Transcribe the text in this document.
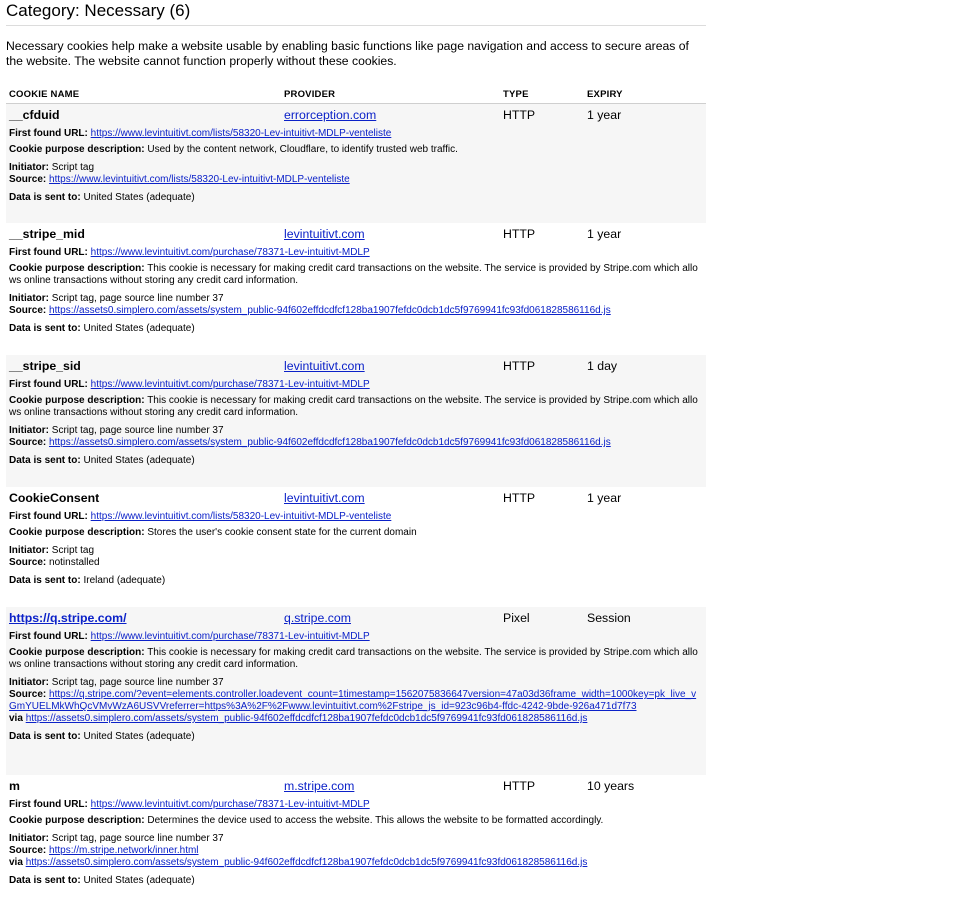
Category: Necessary (6)
Necessary cookies help make a website usable by enabling basic functions like page navigation and access to secure areas of the website. The website cannot function properly without these cookies.
COOKIE NAME	PROVIDER	TYPE	EXPIRY
__cfduid	errorception.com	HTTP	1 year
First found URL: https://www.levintuitivt.com/lists/58320-Lev-intuitivt-MDLP-venteliste
Cookie purpose description: Used by the content network, Cloudflare, to identify trusted web traffic.
Initiator: Script tag
Source: https://www.levintuitivt.com/lists/58320-Lev-intuitivt-MDLP-venteliste
Data is sent to: United States (adequate)
__stripe_mid	levintuitivt.com	HTTP	1 year
First found URL: https://www.levintuitivt.com/purchase/78371-Lev-intuitivt-MDLP
Cookie purpose description: This cookie is necessary for making credit card transactions on the website. The service is provided by Stripe.com which allows online transactions without storing any credit card information.
Initiator: Script tag, page source line number 37
Source: https://assets0.simplero.com/assets/system_public-94f602effdcdfcf128ba1907fefdc0dcb1dc5f9769941fc93fd061828586116d.js
Data is sent to: United States (adequate)
__stripe_sid	levintuitivt.com	HTTP	1 day
First found URL: https://www.levintuitivt.com/purchase/78371-Lev-intuitivt-MDLP
Cookie purpose description: This cookie is necessary for making credit card transactions on the website. The service is provided by Stripe.com which allows online transactions without storing any credit card information.
Initiator: Script tag, page source line number 37
Source: https://assets0.simplero.com/assets/system_public-94f602effdcdfcf128ba1907fefdc0dcb1dc5f9769941fc93fd061828586116d.js
Data is sent to: United States (adequate)
CookieConsent	levintuitivt.com	HTTP	1 year
First found URL: https://www.levintuitivt.com/lists/58320-Lev-intuitivt-MDLP-venteliste
Cookie purpose description: Stores the user's cookie consent state for the current domain
Initiator: Script tag
Source: notinstalled
Data is sent to: Ireland (adequate)
https://q.stripe.com/	q.stripe.com	Pixel	Session
First found URL: https://www.levintuitivt.com/purchase/78371-Lev-intuitivt-MDLP
Cookie purpose description: This cookie is necessary for making credit card transactions on the website. The service is provided by Stripe.com which allows online transactions without storing any credit card information.
Initiator: Script tag, page source line number 37
Source: https://q.stripe.com/?event=elements.controller.loadevent_count=1timestamp=1562075836647version=47a03d36frame_width=1000key=pk_live_vGmYUELMkWhQcVMvWzA6USVVreferrer=https%3A%2F%2Fwww.levintuitivt.com%2Fstripe_js_id=923c96b4-ffdc-4242-9bde-926a471d7f73
via https://assets0.simplero.com/assets/system_public-94f602effdcdfcf128ba1907fefdc0dcb1dc5f9769941fc93fd061828586116d.js
Data is sent to: United States (adequate)
m	m.stripe.com	HTTP	10 years
First found URL: https://www.levintuitivt.com/purchase/78371-Lev-intuitivt-MDLP
Cookie purpose description: Determines the device used to access the website. This allows the website to be formatted accordingly.
Initiator: Script tag, page source line number 37
Source: https://m.stripe.network/inner.html
via https://assets0.simplero.com/assets/system_public-94f602effdcdfcf128ba1907fefdc0dcb1dc5f9769941fc93fd061828586116d.js
Data is sent to: United States (adequate)
